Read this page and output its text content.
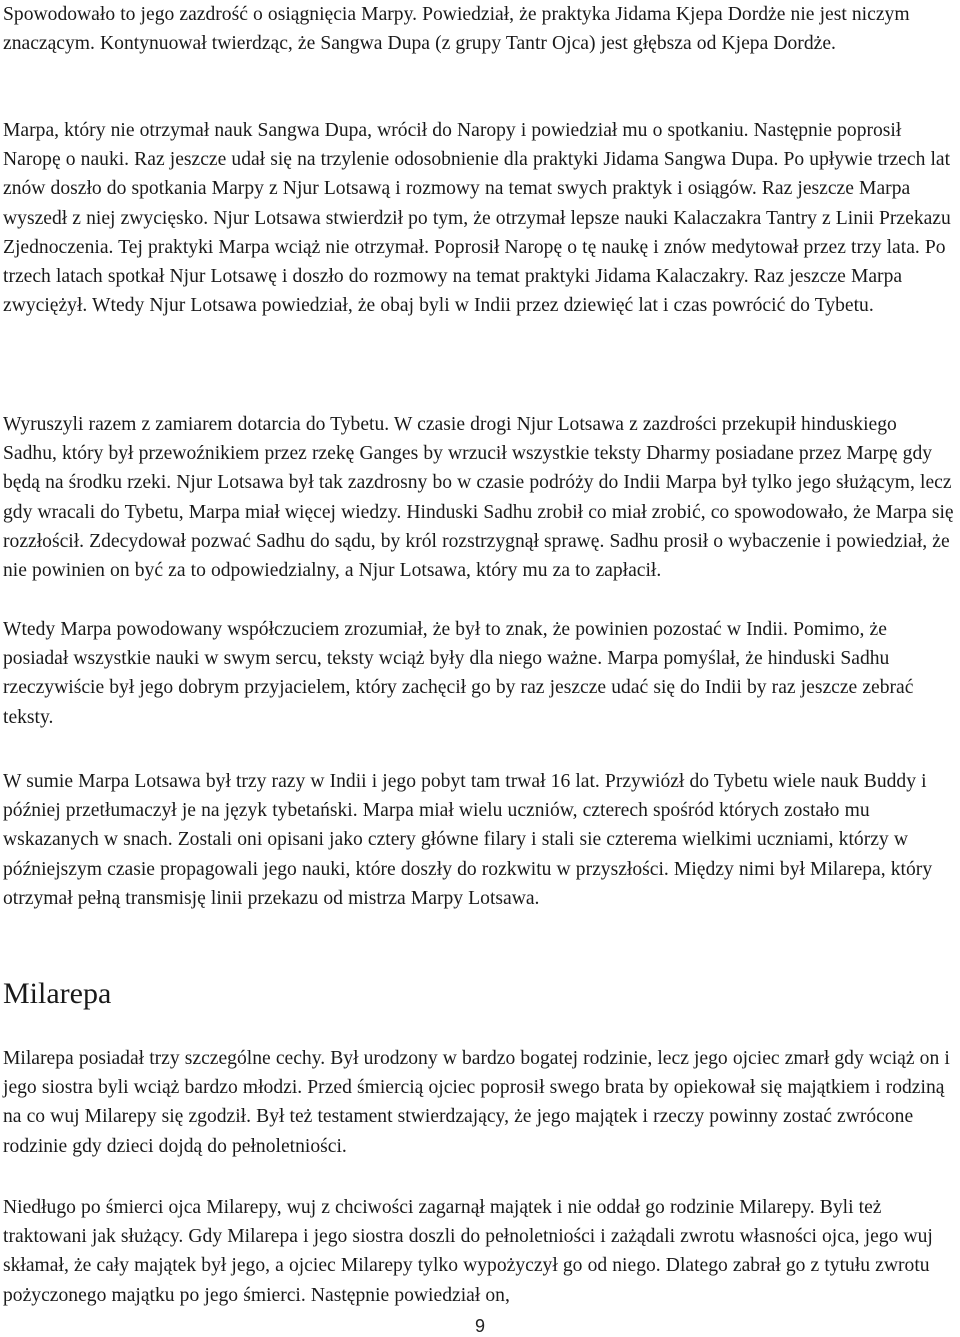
Spowodowało to jego zazdrość o osiągnięcia Marpy. Powiedział, że praktyka Jidama Kjepa Dordże nie jest niczym znaczącym. Kontynuował twierdząc, że Sangwa Dupa (z grupy Tantr Ojca) jest głębsza od Kjepa Dordże.

Marpa, który nie otrzymał nauk Sangwa Dupa, wrócił do Naropy i powiedział mu o spotkaniu. Następnie poprosił Naropę o nauki. Raz jeszcze udał się na trzylenie odosobnienie dla praktyki Jidama Sangwa Dupa. Po upływie trzech lat znów doszło do spotkania Marpy z Njur Lotsawą i rozmowy na temat swych praktyk i osiągów. Raz jeszcze Marpa wyszedł z niej zwycięsko. Njur Lotsawa stwierdził po tym, że otrzymał lepsze nauki Kalaczakra Tantry z Linii Przekazu Zjednoczenia. Tej praktyki Marpa wciąż nie otrzymał. Poprosił Naropę o tę naukę i znów medytował przez trzy lata. Po trzech latach spotkał Njur Lotsawę i doszło do rozmowy na temat praktyki Jidama Kalaczakry. Raz jeszcze Marpa zwyciężył. Wtedy Njur Lotsawa powiedział, że obaj byli w Indii przez dziewięć lat i czas powrócić do Tybetu.

Wyruszyli razem z zamiarem dotarcia do Tybetu. W czasie drogi Njur Lotsawa z zazdrości przekupił hinduskiego Sadhu, który był przewoźnikiem przez rzekę Ganges by wrzucił wszystkie teksty Dharmy posiadane przez Marpę gdy będą na środku rzeki. Njur Lotsawa był tak zazdrosny bo w czasie podróży do Indii Marpa był tylko jego służącym, lecz gdy wracali do Tybetu, Marpa miał więcej wiedzy. Hinduski Sadhu zrobił co miał zrobić, co spowodowało, że Marpa się rozzłościł. Zdecydował pozwać Sadhu do sądu, by król rozstrzygnął sprawę. Sadhu prosił o wybaczenie i powiedział, że nie powinien on być za to odpowiedzialny, a Njur Lotsawa, który mu za to zapłacił.

Wtedy Marpa powodowany współczuciem zrozumiał, że był to znak, że powinien pozostać w Indii. Pomimo, że posiadał wszystkie nauki w swym sercu, teksty wciąż były dla niego ważne. Marpa pomyślał, że hinduski Sadhu rzeczywiście był jego dobrym przyjacielem, który zachęcił go by raz jeszcze udać się do Indii by raz jeszcze zebrać teksty.

W sumie Marpa Lotsawa był trzy razy w Indii i jego pobyt tam trwał 16 lat. Przywiózł do Tybetu wiele nauk Buddy i później przetłumaczył je na język tybetański. Marpa miał wielu uczniów, czterech spośród których zostało mu wskazanych w snach. Zostali oni opisani jako cztery główne filary i stali sie czterema wielkimi uczniami, którzy w późniejszym czasie propagowali jego nauki, które doszły do rozkwitu w przyszłości. Między nimi był Milarepa, który otrzymał pełną transmisję linii przekazu od mistrza Marpy Lotsawa.

Milarepa

Milarepa posiadał trzy szczególne cechy. Był urodzony w bardzo bogatej rodzinie, lecz jego ojciec zmarł gdy wciąż on i jego siostra byli wciąż bardzo młodzi. Przed śmiercią ojciec poprosił swego brata by opiekował się majątkiem i rodziną na co wuj Milarepy się zgodził. Był też testament stwierdzający, że jego majątek i rzeczy powinny zostać zwrócone rodzinie gdy dzieci dojdą do pełnoletniości.

Niedługo po śmierci ojca Milarepy, wuj z chciwości zagarnął majątek i nie oddał go rodzinie Milarepy. Byli też traktowani jak służący. Gdy Milarepa i jego siostra doszli do pełnoletniości i zażądali zwrotu własności ojca, jego wuj skłamał, że cały majątek był jego, a ojciec Milarepy tylko wypożyczył go od niego. Dlatego zabrał go z tytułu zwrotu pożyczonego majątku po jego śmierci. Następnie powiedział on,

9
